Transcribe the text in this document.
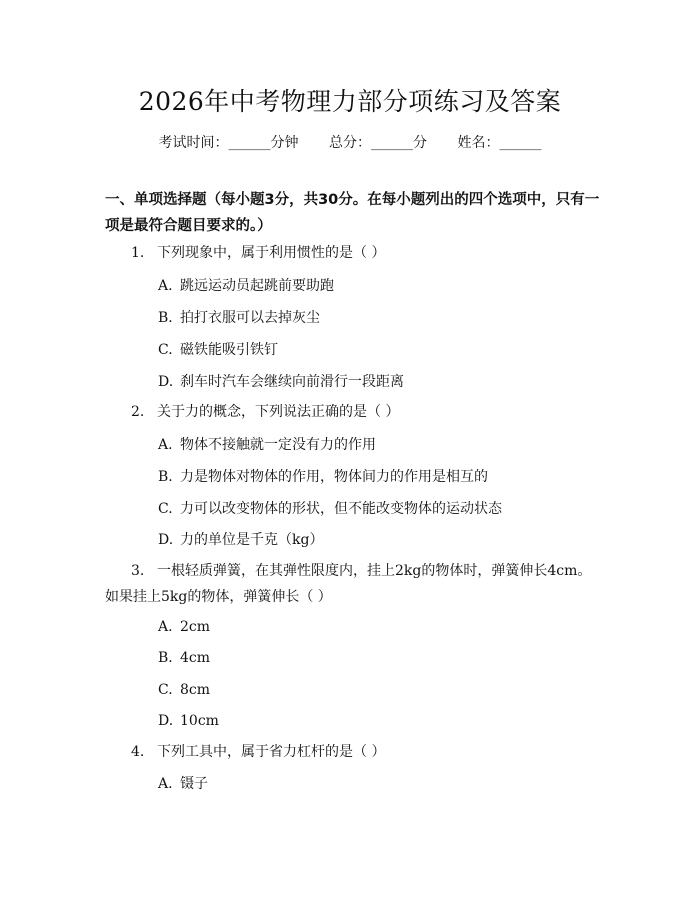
2026年中考物理力部分项练习及答案
考试时间：______分钟 总分：______分 姓名：______
一、单项选择题（每小题3分，共30分。在每小题列出的四个选项中，只有一项是最符合题目要求的。）
1. 下列现象中，属于利用惯性的是（ ）
A. 跳远运动员起跳前要助跑
B. 拍打衣服可以去掉灰尘
C. 磁铁能吸引铁钉
D. 刹车时汽车会继续向前滑行一段距离
2. 关于力的概念，下列说法正确的是（ ）
A. 物体不接触就一定没有力的作用
B. 力是物体对物体的作用，物体间力的作用是相互的
C. 力可以改变物体的形状，但不能改变物体的运动状态
D. 力的单位是千克（kg）
3. 一根轻质弹簧，在其弹性限度内，挂上2kg的物体时，弹簧伸长4cm。如果挂上5kg的物体，弹簧伸长（ ）
A. 2cm
B. 4cm
C. 8cm
D. 10cm
4. 下列工具中，属于省力杠杆的是（ ）
A. 镊子
